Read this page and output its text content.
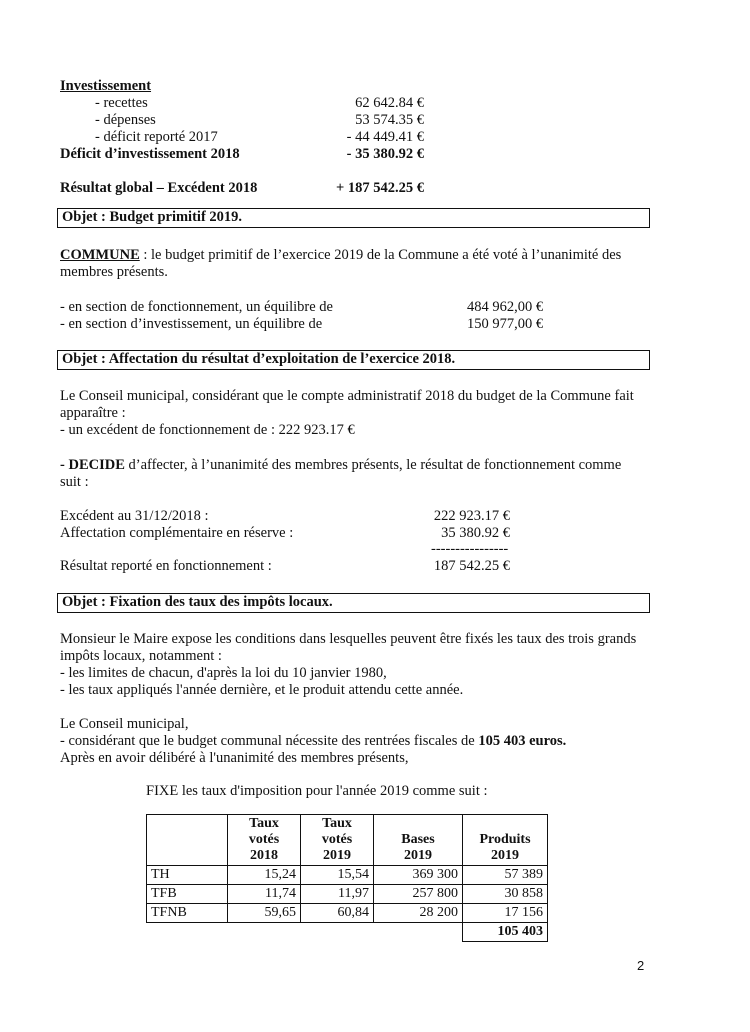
Investissement
- recettes	62 642.84 €
- dépenses	53 574.35 €
- déficit reporté 2017	- 44 449.41 €
Déficit d’investissement 2018	- 35 380.92 €
Résultat global – Excédent 2018	+ 187 542.25 €
Objet : Budget primitif 2019.
COMMUNE : le budget primitif de l’exercice 2019 de la Commune a été voté à l’unanimité des
membres présents.
- en section de fonctionnement, un équilibre de	484 962,00 €
- en section d’investissement, un équilibre de	150 977,00 €
Objet : Affectation du résultat d’exploitation de l’exercice 2018.
Le Conseil municipal, considérant que le compte administratif 2018 du budget de la Commune fait
apparaître :
- un excédent de fonctionnement de : 222 923.17 €
- DECIDE d’affecter, à l’unanimité des membres présents, le résultat de fonctionnement comme
suit :
Excédent au 31/12/2018 :	222 923.17 €
Affectation complémentaire en réserve :	35 380.92 €
----------------
Résultat reporté en fonctionnement :	187 542.25 €
Objet : Fixation des taux des impôts locaux.
Monsieur le Maire expose les conditions dans lesquelles peuvent être fixés les taux des trois grands
impôts locaux, notamment :
- les limites de chacun, d'après la loi du 10 janvier 1980,
- les taux appliqués l'année dernière, et le produit attendu cette année.
Le Conseil municipal,
- considérant que le budget communal nécessite des rentrées fiscales de 105 403 euros.
Après en avoir délibéré à l'unanimité des membres présents,
FIXE les taux d'imposition pour l'année 2019 comme suit :
	Taux
votés
2018	Taux
votés
2019	Bases
2019	Produits
2019
TH	15,24	15,54	369 300	57 389
TFB	11,74	11,97	257 800	30 858
TFNB	59,65	60,84	28 200	17 156
				105 403
2
